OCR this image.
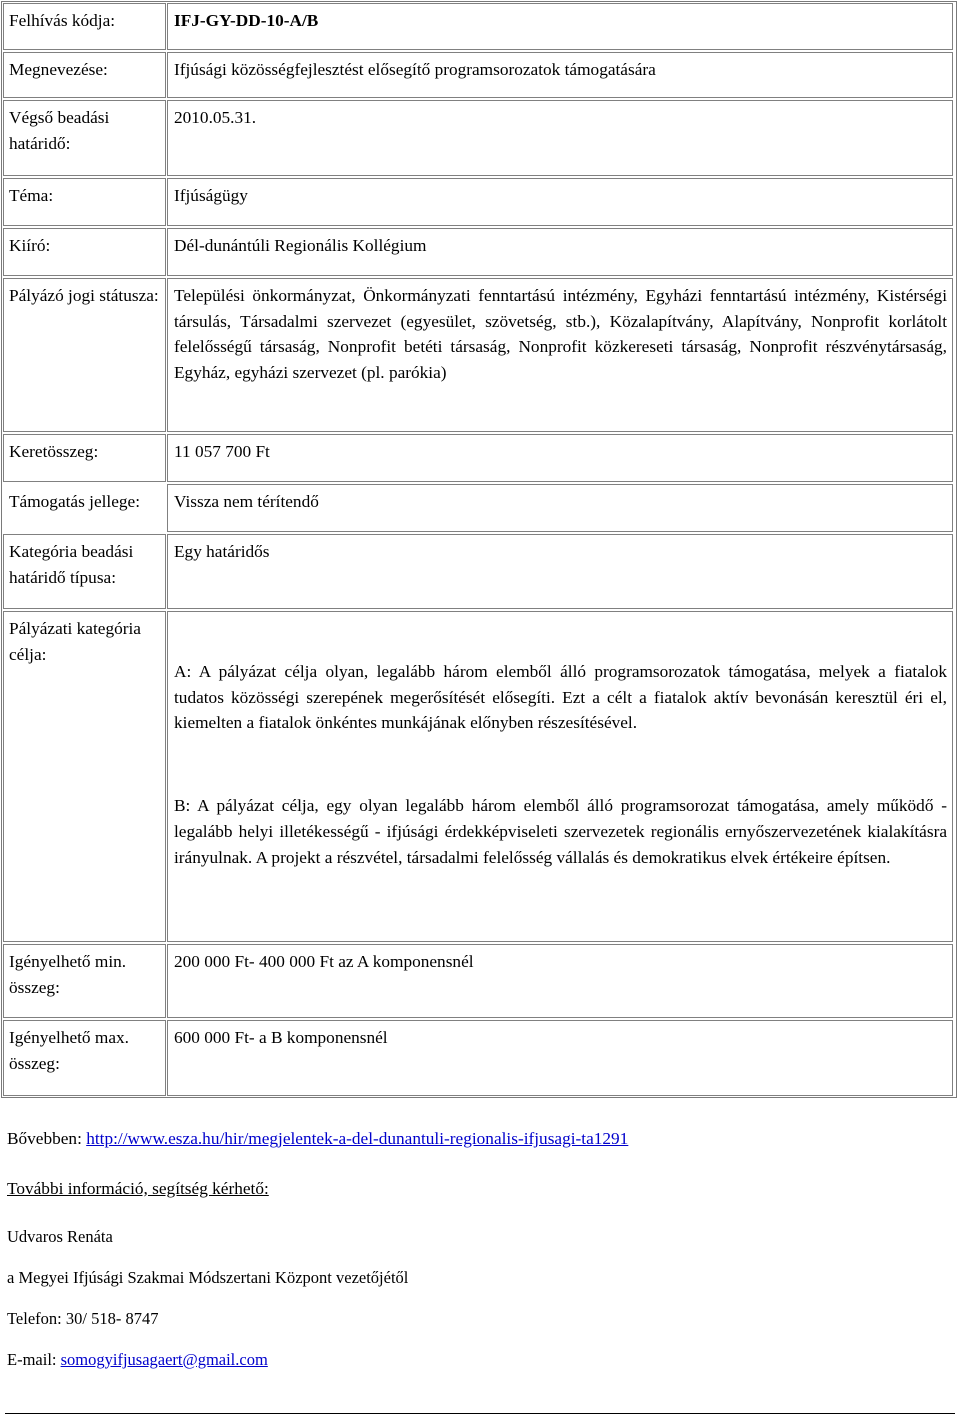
Felhívás kódja:	IFJ-GY-DD-10-A/B
Megnevezése:	Ifjúsági közösségfejlesztést elősegítő programsorozatok támogatására
Végső beadási határidő:
2010.05.31.
Téma:	Ifjúságügy
Kiíró:	Dél-dunántúli Regionális Kollégium
Pályázó jogi státusza: Települési önkormányzat, Önkormányzati fenntartású intézmény, Egyházi fenntartású intézmény, Kistérségi társulás, Társadalmi szervezet (egyesület, szövetség, stb.), Közalapítvány, Alapítvány, Nonprofit korlátolt felelősségű társaság, Nonprofit betéti társaság, Nonprofit közkereseti társaság, Nonprofit részvénytársaság, Egyház, egyházi szervezet (pl. parókia)
Keretösszeg:	11 057 700 Ft
Támogatás jellege:	Vissza nem térítendő
Kategória beadási határidő típusa:
Egy határidős
Pályázati kategória célja:

A: A pályázat célja olyan, legalább három elemből álló programsorozatok támogatása, melyek a fiatalok tudatos közösségi szerepének megerősítését elősegíti. Ezt a célt a fiatalok aktív bevonásán keresztül éri el, kiemelten a fiatalok önkéntes munkájának előnyben részesítésével.

B: A pályázat célja, egy olyan legalább három elemből álló programsorozat támogatása, amely működő - legalább helyi illetékességű - ifjúsági érdekképviseleti szervezetek regionális ernyőszervezetének kialakításra irányulnak. A projekt a részvétel, társadalmi felelősség vállalás és demokratikus elvek értékeire építsen.

Igényelhető min. összeg:
200 000 Ft- 400 000 Ft az A komponensnél
Igényelhető max. összeg:
600 000 Ft- a B komponensnél
Bővebben: http://www.esza.hu/hir/megjelentek-a-del-dunantuli-regionalis-ifjusagi-ta1291
További információ, segítség kérhető:
Udvaros Renáta
a Megyei Ifjúsági Szakmai Módszertani Központ vezetőjétől
Telefon: 30/ 518- 8747
E-mail: somogyifjusagaert@gmail.com
